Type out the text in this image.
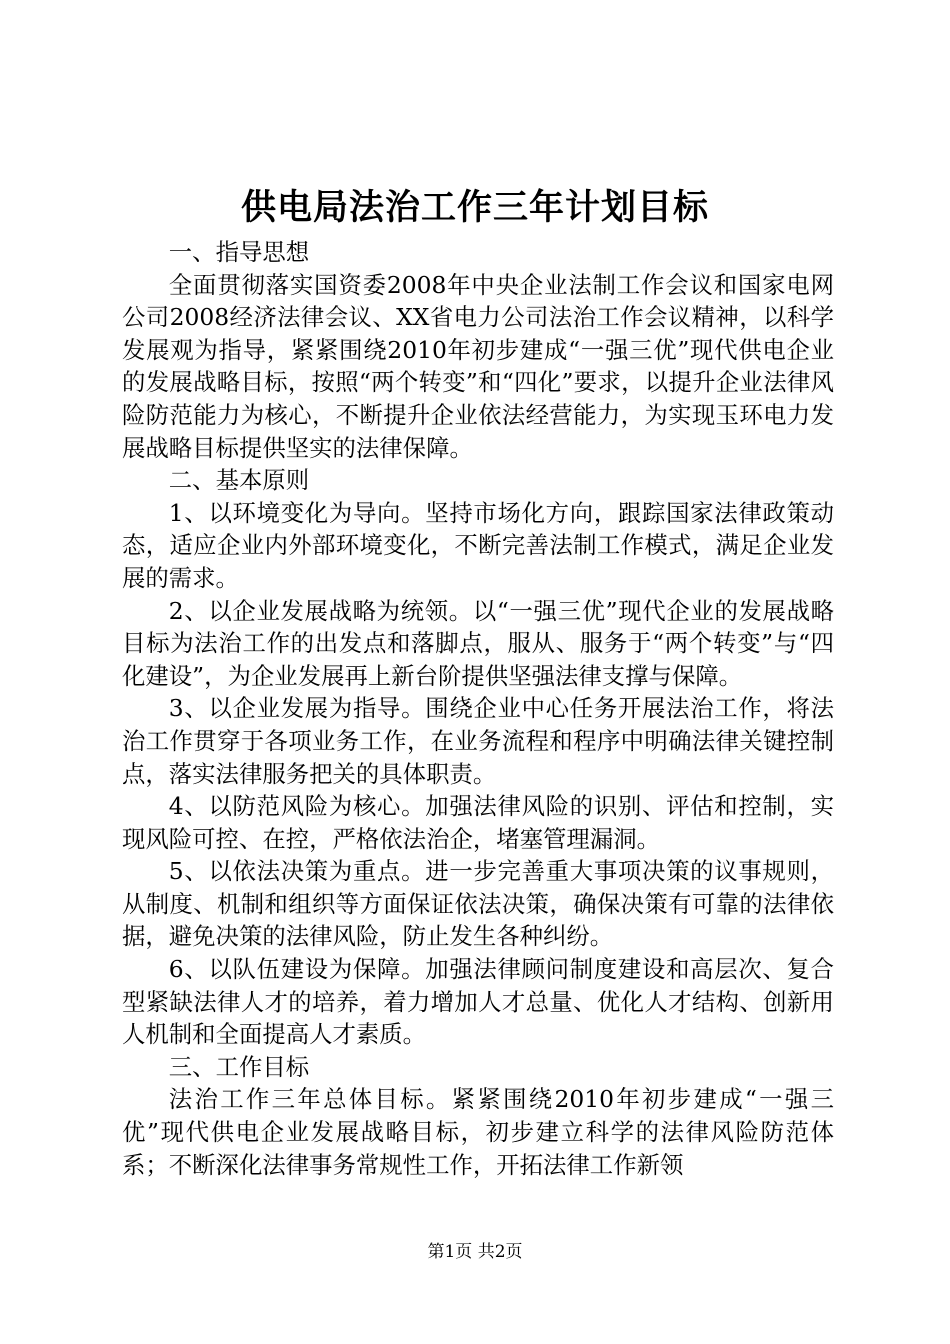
供电局法治工作三年计划目标

一、指导思想

全面贯彻落实国资委2008年中央企业法制工作会议和国家电网公司2008经济法律会议、XX省电力公司法治工作会议精神，以科学发展观为指导，紧紧围绕2010年初步建成“一强三优”现代供电企业的发展战略目标，按照“两个转变”和“四化”要求，以提升企业法律风险防范能力为核心，不断提升企业依法经营能力，为实现玉环电力发展战略目标提供坚实的法律保障。

二、基本原则

1、以环境变化为导向。坚持市场化方向，跟踪国家法律政策动态，适应企业内外部环境变化，不断完善法制工作模式，满足企业发展的需求。

2、以企业发展战略为统领。以“一强三优”现代企业的发展战略目标为法治工作的出发点和落脚点，服从、服务于“两个转变”与“四化建设”，为企业发展再上新台阶提供坚强法律支撑与保障。

3、以企业发展为指导。围绕企业中心任务开展法治工作，将法治工作贯穿于各项业务工作，在业务流程和程序中明确法律关键控制点，落实法律服务把关的具体职责。

4、以防范风险为核心。加强法律风险的识别、评估和控制，实现风险可控、在控，严格依法治企，堵塞管理漏洞。

5、以依法决策为重点。进一步完善重大事项决策的议事规则，从制度、机制和组织等方面保证依法决策，确保决策有可靠的法律依据，避免决策的法律风险，防止发生各种纠纷。

6、以队伍建设为保障。加强法律顾问制度建设和高层次、复合型紧缺法律人才的培养，着力增加人才总量、优化人才结构、创新用人机制和全面提高人才素质。

三、工作目标

法治工作三年总体目标。紧紧围绕2010年初步建成“一强三优”现代供电企业发展战略目标，初步建立科学的法律风险防范体系；不断深化法律事务常规性工作，开拓法律工作新领

第1页 共2页
